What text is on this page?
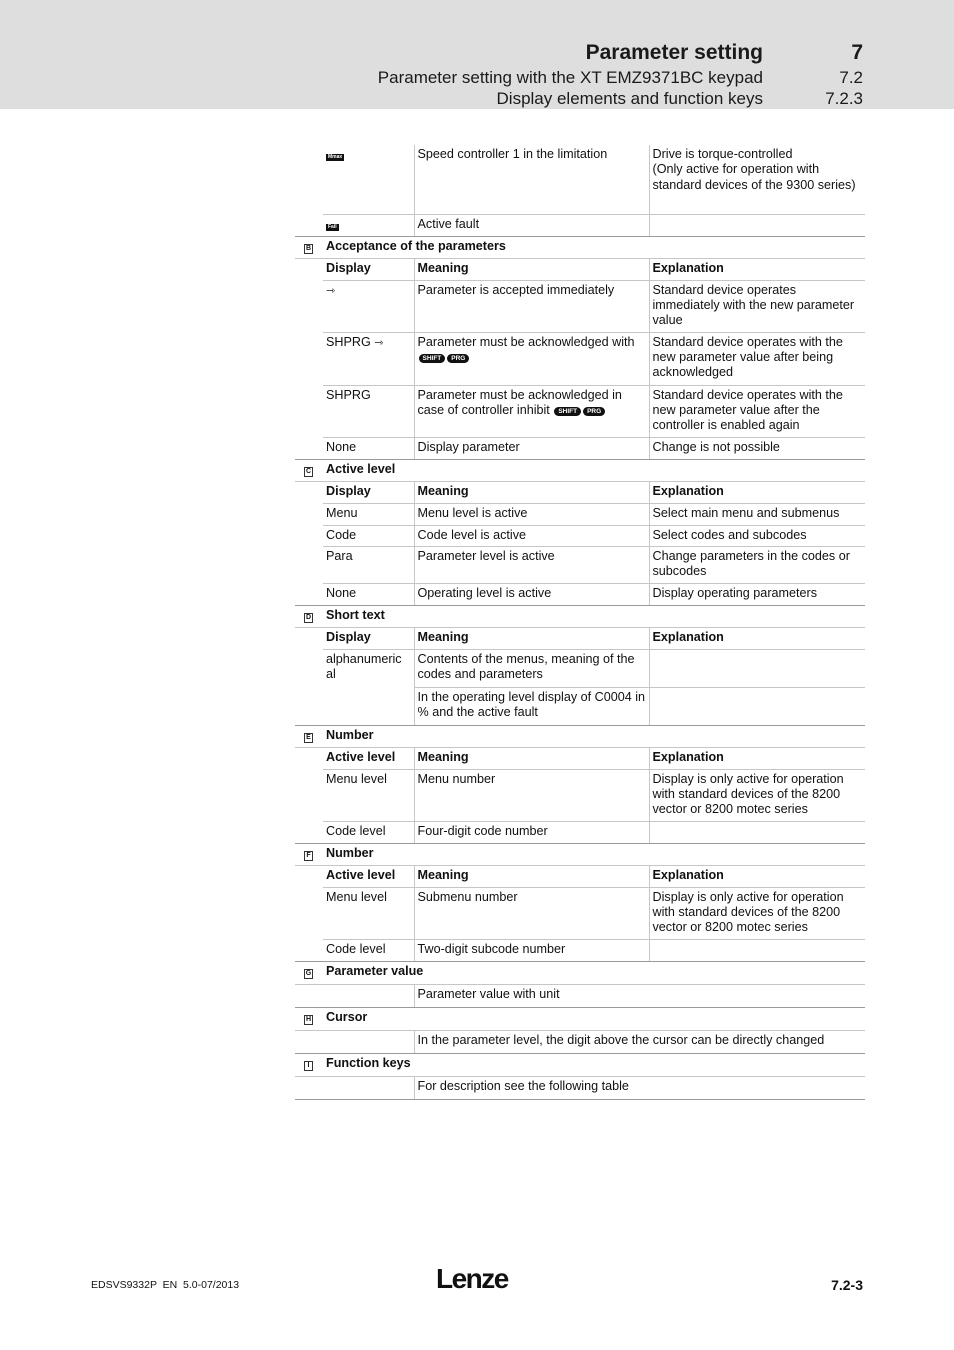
Parameter setting	7
Parameter setting with the XT EMZ9371BC keypad	7.2
Display elements and function keys	7.2.3
	Mmax	Speed controller 1 in the limitation	Drive is torque-controlled
(Only active for operation with standard devices of the 9300 series)
	Fail	Active fault	
B	Acceptance of the parameters		
	Display	Meaning	Explanation
	⇾	Parameter is accepted immediately	Standard device operates immediately with the new parameter value
	SHPRG ⇾	Parameter must be acknowledged with SHIFT PRG	Standard device operates with the new parameter value after being acknowledged
	SHPRG	Parameter must be acknowledged in case of controller inhibit SHIFT PRG	Standard device operates with the new parameter value after the controller is enabled again
	None	Display parameter	Change is not possible
C	Active level		
	Display	Meaning	Explanation
	Menu	Menu level is active	Select main menu and submenus
	Code	Code level is active	Select codes and subcodes
	Para	Parameter level is active	Change parameters in the codes or subcodes
	None	Operating level is active	Display operating parameters
D	Short text		
	Display	Meaning	Explanation
	alphanumeric al	Contents of the menus, meaning of the codes and parameters	
		In the operating level display of C0004 in % and the active fault	
E	Number		
	Active level	Meaning	Explanation
	Menu level	Menu number	Display is only active for operation with standard devices of the 8200 vector or 8200 motec series
	Code level	Four-digit code number	
F	Number		
	Active level	Meaning	Explanation
	Menu level	Submenu number	Display is only active for operation with standard devices of the 8200 vector or 8200 motec series
	Code level	Two-digit subcode number	
G	Parameter value		
		Parameter value with unit	
H	Cursor		
		In the parameter level, the digit above the cursor can be directly changed	
I	Function keys		
		For description see the following table	
EDSVS9332P  EN  5.0-07/2013	Lenze	7.2-3
